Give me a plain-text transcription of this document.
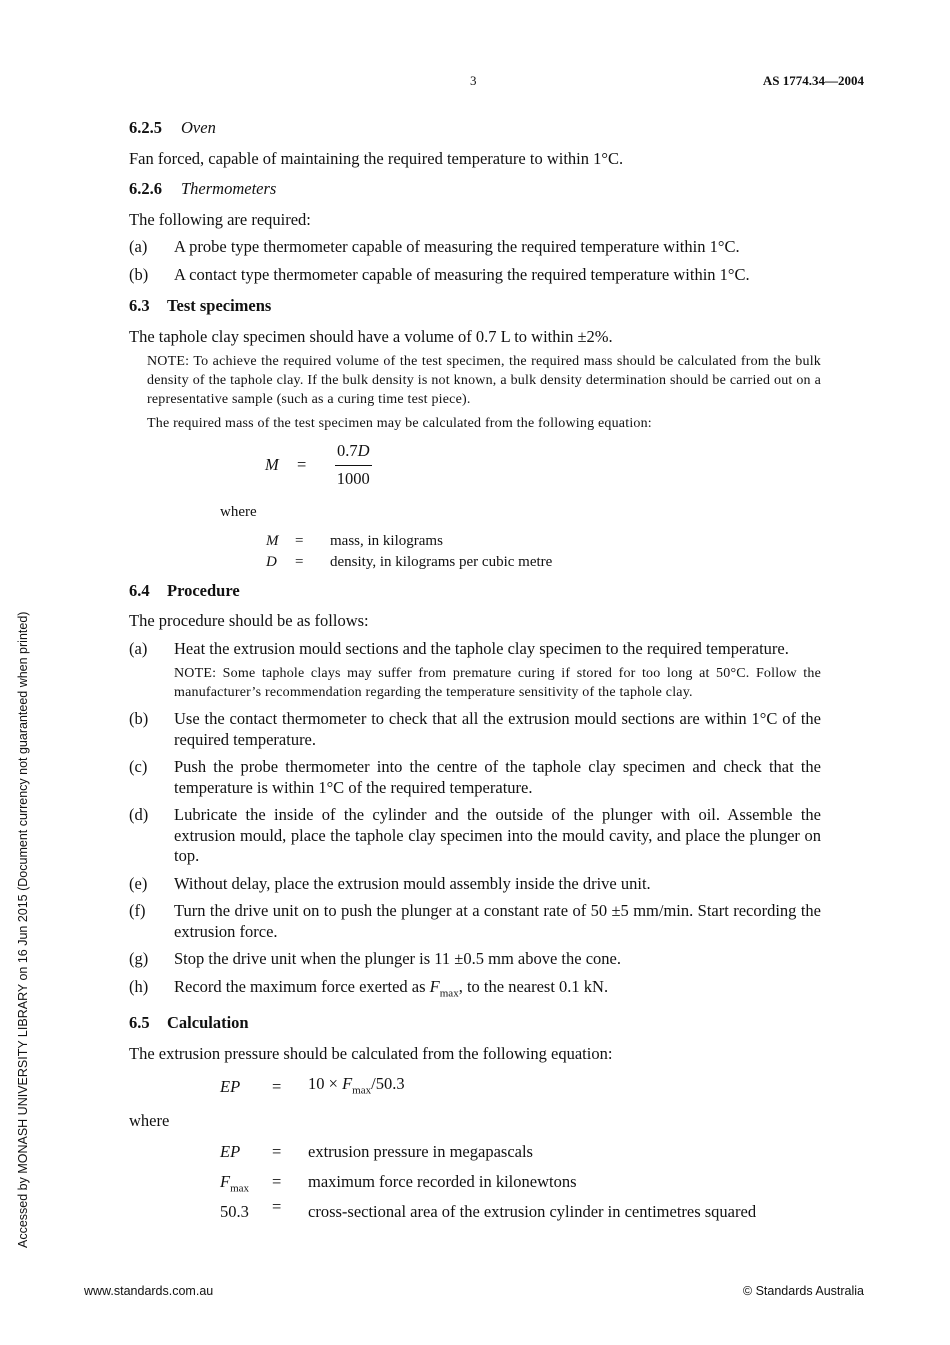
3	AS 1774.34—2004
Accessed by MONASH UNIVERSITY LIBRARY on 16 Jun 2015 (Document currency not guaranteed when printed)
6.2.5 Oven

Fan forced, capable of maintaining the required temperature to within 1°C.

6.2.6 Thermometers

The following are required:

(a)	A probe type thermometer capable of measuring the required temperature within 1°C.
(b)	A contact type thermometer capable of measuring the required temperature within 1°C.
6.3 Test specimens

The taphole clay specimen should have a volume of 0.7 L to within ±2%.

NOTE: To achieve the required volume of the test specimen, the required mass should be calculated from the bulk density of the taphole clay. If the bulk density is not known, a bulk density determination should be carried out on a representative sample (such as a curing time test piece).

The required mass of the test specimen may be calculated from the following equation:

M	=	$\frac{0.7D}{1000}$

where

M	=	mass, in kilograms
D	=	density, in kilograms per cubic metre
6.4 Procedure

The procedure should be as follows:

(a)	Heat the extrusion mould sections and the taphole clay specimen to the required temperature.

NOTE: Some taphole clays may suffer from premature curing if stored for too long at 50°C. Follow the manufacturer’s recommendation regarding the temperature sensitivity of the taphole clay.

(b)	Use the contact thermometer to check that all the extrusion mould sections are within 1°C of the required temperature.
(c)	Push the probe thermometer into the centre of the taphole clay specimen and check that the temperature is within 1°C of the required temperature.
(d)	Lubricate the inside of the cylinder and the outside of the plunger with oil. Assemble the extrusion mould, place the taphole clay specimen into the mould cavity, and place the plunger on top.
(e)	Without delay, place the extrusion mould assembly inside the drive unit.
(f)	Turn the drive unit on to push the plunger at a constant rate of 50 ±5 mm/min. Start recording the extrusion force.
(g)	Stop the drive unit when the plunger is 11 ±0.5 mm above the cone.
(h)	Record the maximum force exerted as $F_{max}$, to the nearest 0.1 kN.
6.5 Calculation

The extrusion pressure should be calculated from the following equation:

EP	=	$10 \times F_{max}/50.3$

where

EP	=	extrusion pressure in megapascals
$F_{max}$	=	maximum force recorded in kilonewtons
50.3	=	cross-sectional area of the extrusion cylinder in centimetres squared
www.standards.com.au	© Standards Australia
